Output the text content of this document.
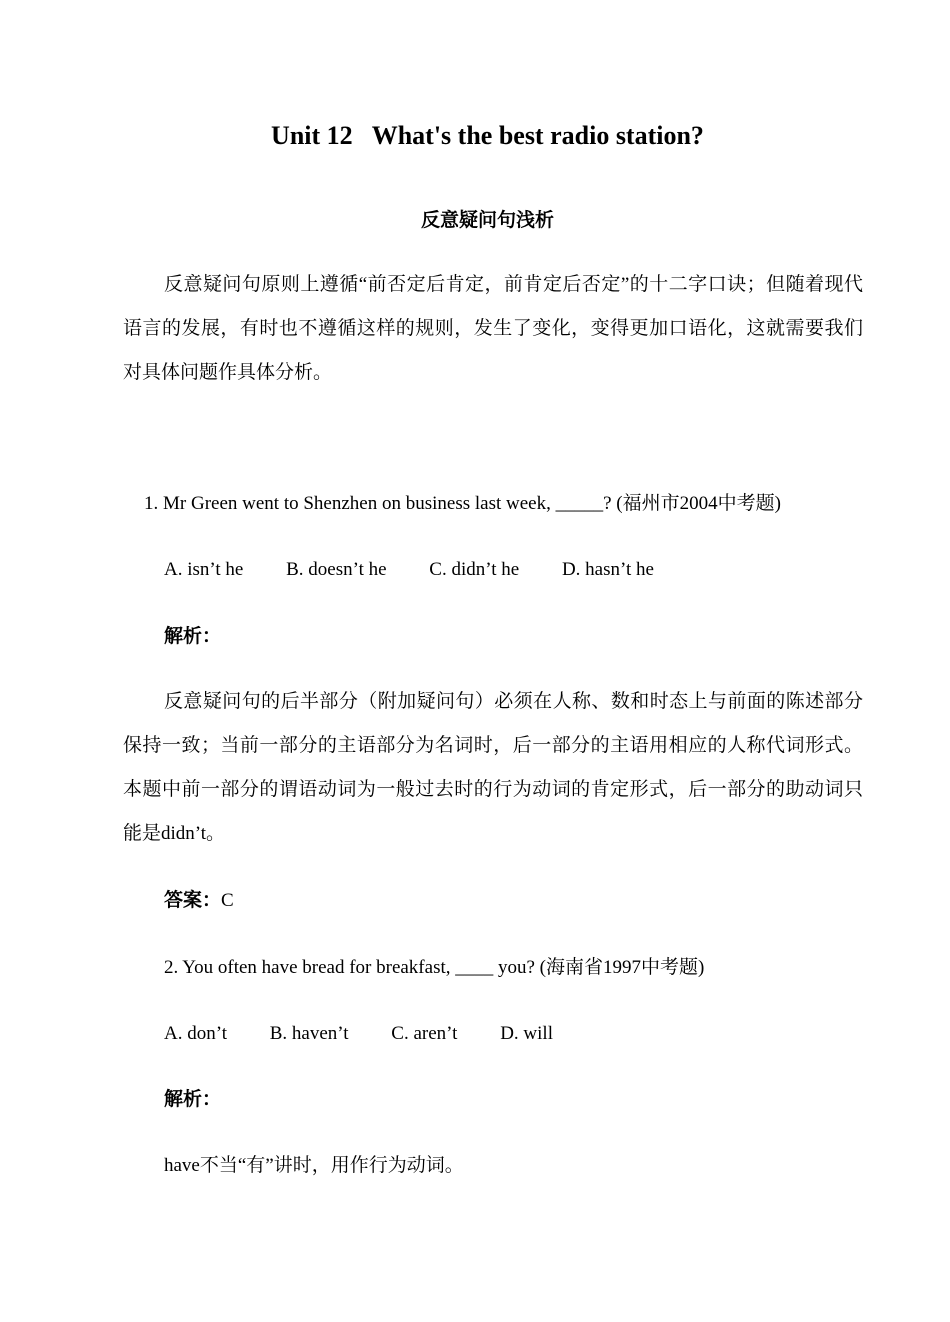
Unit 12   What's the best radio station?
反意疑问句浅析
反意疑问句原则上遵循“前否定后肯定，前肯定后否定”的十二字口诀；但随着现代语言的发展，有时也不遵循这样的规则，发生了变化，变得更加口语化，这就需要我们对具体问题作具体分析。
1. Mr Green went to Shenzhen on business last week, _____? (福州市2004中考题)
A. isn’t he B. doesn’t he C. didn’t he D. hasn’t he
解析：
反意疑问句的后半部分（附加疑问句）必须在人称、数和时态上与前面的陈述部分保持一致；当前一部分的主语部分为名词时，后一部分的主语用相应的人称代词形式。本题中前一部分的谓语动词为一般过去时的行为动词的肯定形式，后一部分的助动词只能是didn’t。
答案：C
2. You often have bread for breakfast, ____ you? (海南省1997中考题)
A. don’t B. haven’t C. aren’t D. will
解析：
have不当“有”讲时，用作行为动词。
